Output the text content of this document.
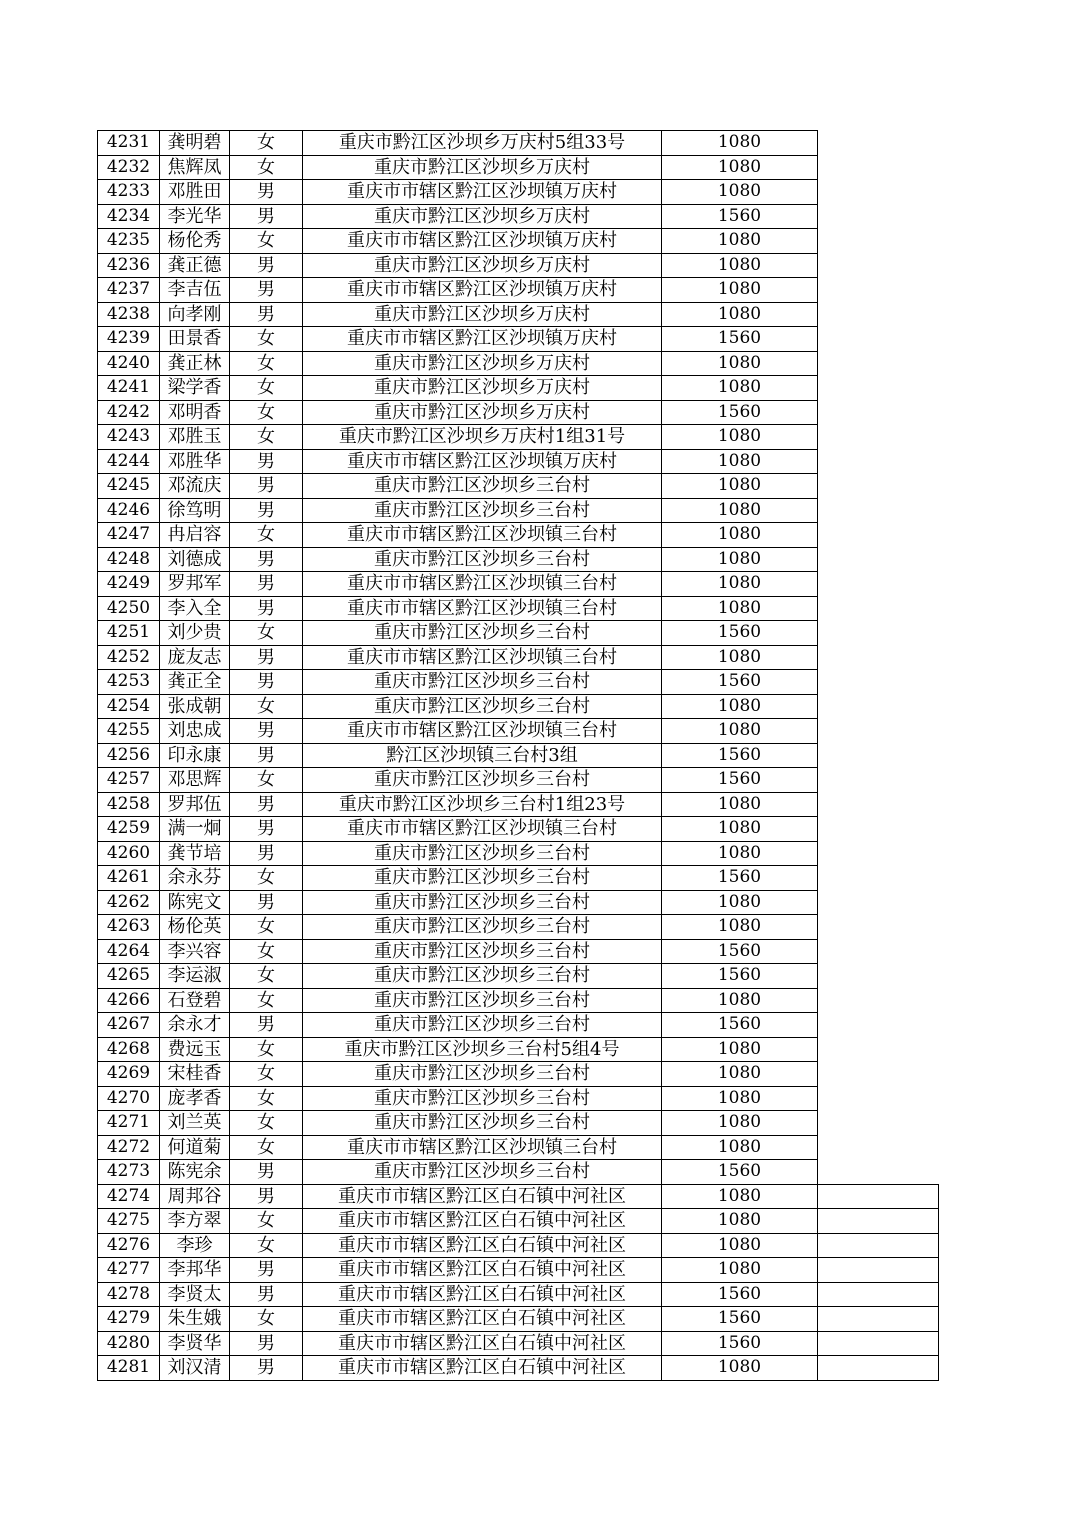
4231	龚明碧	女	重庆市黔江区沙坝乡万庆村5组33号	1080	
4232	焦辉凤	女	重庆市黔江区沙坝乡万庆村	1080	
4233	邓胜田	男	重庆市市辖区黔江区沙坝镇万庆村	1080	
4234	李光华	男	重庆市黔江区沙坝乡万庆村	1560	
4235	杨伦秀	女	重庆市市辖区黔江区沙坝镇万庆村	1080	
4236	龚正德	男	重庆市黔江区沙坝乡万庆村	1080	
4237	李吉伍	男	重庆市市辖区黔江区沙坝镇万庆村	1080	
4238	向孝刚	男	重庆市黔江区沙坝乡万庆村	1080	
4239	田景香	女	重庆市市辖区黔江区沙坝镇万庆村	1560	
4240	龚正林	女	重庆市黔江区沙坝乡万庆村	1080	
4241	梁学香	女	重庆市黔江区沙坝乡万庆村	1080	
4242	邓明香	女	重庆市黔江区沙坝乡万庆村	1560	
4243	邓胜玉	女	重庆市黔江区沙坝乡万庆村1组31号	1080	
4244	邓胜华	男	重庆市市辖区黔江区沙坝镇万庆村	1080	
4245	邓流庆	男	重庆市黔江区沙坝乡三台村	1080	
4246	徐笃明	男	重庆市黔江区沙坝乡三台村	1080	
4247	冉启容	女	重庆市市辖区黔江区沙坝镇三台村	1080	
4248	刘德成	男	重庆市黔江区沙坝乡三台村	1080	
4249	罗邦军	男	重庆市市辖区黔江区沙坝镇三台村	1080	
4250	李入全	男	重庆市市辖区黔江区沙坝镇三台村	1080	
4251	刘少贵	女	重庆市黔江区沙坝乡三台村	1560	
4252	庞友志	男	重庆市市辖区黔江区沙坝镇三台村	1080	
4253	龚正全	男	重庆市黔江区沙坝乡三台村	1560	
4254	张成朝	女	重庆市黔江区沙坝乡三台村	1080	
4255	刘忠成	男	重庆市市辖区黔江区沙坝镇三台村	1080	
4256	印永康	男	黔江区沙坝镇三台村3组	1560	
4257	邓思辉	女	重庆市黔江区沙坝乡三台村	1560	
4258	罗邦伍	男	重庆市黔江区沙坝乡三台村1组23号	1080	
4259	满一炯	男	重庆市市辖区黔江区沙坝镇三台村	1080	
4260	龚节培	男	重庆市黔江区沙坝乡三台村	1080	
4261	余永芬	女	重庆市黔江区沙坝乡三台村	1560	
4262	陈宪文	男	重庆市黔江区沙坝乡三台村	1080	
4263	杨伦英	女	重庆市黔江区沙坝乡三台村	1080	
4264	李兴容	女	重庆市黔江区沙坝乡三台村	1560	
4265	李运淑	女	重庆市黔江区沙坝乡三台村	1560	
4266	石登碧	女	重庆市黔江区沙坝乡三台村	1080	
4267	余永才	男	重庆市黔江区沙坝乡三台村	1560	
4268	费远玉	女	重庆市黔江区沙坝乡三台村5组4号	1080	
4269	宋桂香	女	重庆市黔江区沙坝乡三台村	1080	
4270	庞孝香	女	重庆市黔江区沙坝乡三台村	1080	
4271	刘兰英	女	重庆市黔江区沙坝乡三台村	1080	
4272	何道菊	女	重庆市市辖区黔江区沙坝镇三台村	1080	
4273	陈宪余	男	重庆市黔江区沙坝乡三台村	1560	
4274	周邦谷	男	重庆市市辖区黔江区白石镇中河社区	1080	
4275	李方翠	女	重庆市市辖区黔江区白石镇中河社区	1080	
4276	李珍	女	重庆市市辖区黔江区白石镇中河社区	1080	
4277	李邦华	男	重庆市市辖区黔江区白石镇中河社区	1080	
4278	李贤太	男	重庆市市辖区黔江区白石镇中河社区	1560	
4279	朱生娥	女	重庆市市辖区黔江区白石镇中河社区	1560	
4280	李贤华	男	重庆市市辖区黔江区白石镇中河社区	1560	
4281	刘汉清	男	重庆市市辖区黔江区白石镇中河社区	1080	
